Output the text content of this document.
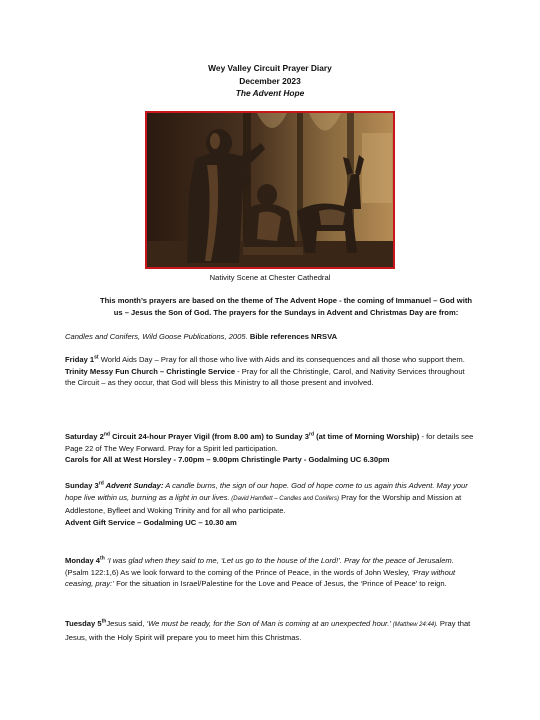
Wey Valley Circuit Prayer Diary
December 2023
The Advent Hope
Nativity Scene at Chester Cathedral
This month’s prayers are based on the theme of The Advent Hope - the coming of Immanuel – God with us – Jesus the Son of God. The prayers for the Sundays in Advent and Christmas Day are from:
Candles and Conifers, Wild Goose Publications, 2005. Bible references NRSVA

Friday 1st World Aids Day – Pray for all those who live with Aids and its consequences and all those who support them.

Trinity Messy Fun Church – Christingle Service - Pray for all the Christingle, Carol, and Nativity Services throughout the Circuit – as they occur, that God will bless this Ministry to all those present and involved.

Saturday 2nd Circuit 24-hour Prayer Vigil (from 8.00 am) to Sunday 3rd (at time of Morning Worship) - for details see Page 22 of The Wey Forward. Pray for a Spirit led participation.

Carols for All at West Horsley - 7.00pm – 9.00pm Christingle Party - Godalming UC 6.30pm

Sunday 3rd Advent Sunday: A candle burns, the sign of our hope. God of hope come to us again this Advent. May your hope live within us, burning as a light in our lives. (David Hamflett – Candles and Conifers) Pray for the Worship and Mission at Addlestone, Byfleet and Woking Trinity and for all who participate.

Advent Gift Service – Godalming UC – 10.30 am

Monday 4th ‘I was glad when they said to me, ‘Let us go to the house of the Lord!’. Pray for the peace of Jerusalem. (Psalm 122:1,6) As we look forward to the coming of the Prince of Peace, in the words of John Wesley, ‘Pray without ceasing, pray:’ For the situation in Israel/Palestine for the Love and Peace of Jesus, the ‘Prince of Peace’ to reign.

Tuesday 5thJesus said, ‘We must be ready, for the Son of Man is coming at an unexpected hour.’ (Matthew 24:44). Pray that Jesus, with the Holy Spirit will prepare you to meet him this Christmas.
